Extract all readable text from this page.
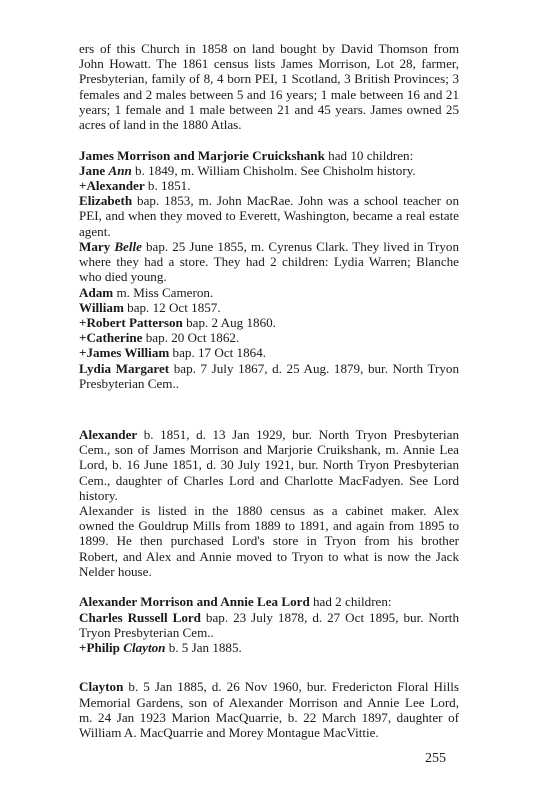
ers of this Church in 1858 on land bought by David Thomson from
John Howatt. The 1861 census lists James Morrison, Lot 28, farmer,
Presbyterian, family of 8, 4 born PEI, 1 Scotland, 3 British Provinces; 3
females and 2 males between 5 and 16 years; 1 male between 16 and 21
years; 1 female and 1 male between 21 and 45 years. James owned 25
acres of land in the 1880 Atlas.
James Morrison and Marjorie Cruickshank had 10 children:
Jane Ann b. 1849, m. William Chisholm. See Chisholm history.
+Alexander b. 1851.
Elizabeth bap. 1853, m. John MacRae. John was a school teacher on
PEI, and when they moved to Everett, Washington, became a real estate
agent.
Mary Belle bap. 25 June 1855, m. Cyrenus Clark. They lived in Tryon
where they had a store. They had 2 children: Lydia Warren; Blanche
who died young.
Adam m. Miss Cameron.
William bap. 12 Oct 1857.
+Robert Patterson bap. 2 Aug 1860.
+Catherine bap. 20 Oct 1862.
+James William bap. 17 Oct 1864.
Lydia Margaret bap. 7 July 1867, d. 25 Aug. 1879, bur. North Tryon
Presbyterian Cem..
Alexander b. 1851, d. 13 Jan 1929, bur. North Tryon Presbyterian
Cem., son of James Morrison and Marjorie Cruikshank, m. Annie Lea
Lord, b. 16 June 1851, d. 30 July 1921, bur. North Tryon Presbyterian
Cem., daughter of Charles Lord and Charlotte MacFadyen. See Lord
history.
Alexander is listed in the 1880 census as a cabinet maker. Alex
owned the Gouldrup Mills from 1889 to 1891, and again from 1895 to
1899. He then purchased Lord's store in Tryon from his brother
Robert, and Alex and Annie moved to Tryon to what is now the Jack
Nelder house.
Alexander Morrison and Annie Lea Lord had 2 children:
Charles Russell Lord bap. 23 July 1878, d. 27 Oct 1895, bur. North
Tryon Presbyterian Cem..
+Philip Clayton b. 5 Jan 1885.
Clayton b. 5 Jan 1885, d. 26 Nov 1960, bur. Fredericton Floral Hills
Memorial Gardens, son of Alexander Morrison and Annie Lee Lord,
m. 24 Jan 1923 Marion MacQuarrie, b. 22 March 1897, daughter of
William A. MacQuarrie and Morey Montague MacVittie.
255
